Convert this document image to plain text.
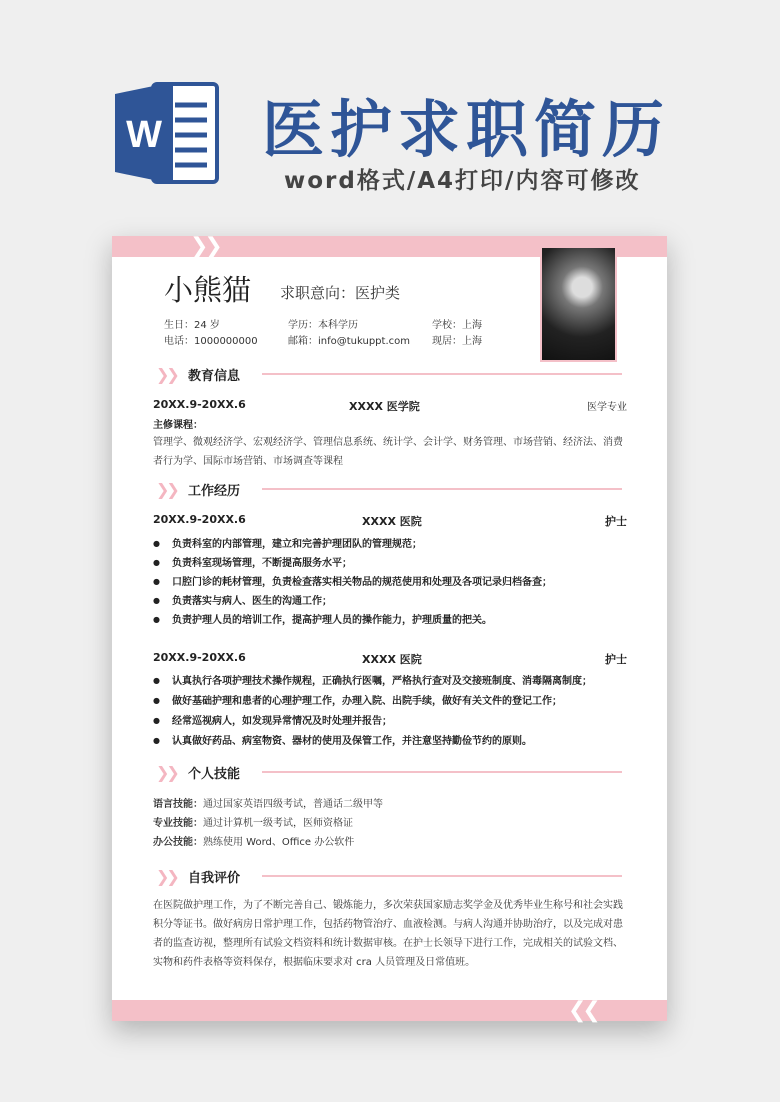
W 医护求职简历
word格式/A4打印/内容可修改
❯❯
小熊猫 求职意向：医护类
生日：24 岁	学历：本科学历	学校：上海
电话：1000000000	邮箱：info@tukuppt.com 现居：上海
❯❯ 教育信息
20XX.9-20XX.6	XXXX 医学院	医学专业
主修课程：
管理学、微观经济学、宏观经济学、管理信息系统、统计学、会计学、财务管理、市场营销、经济法、消费者行为学、国际市场营销、市场调查等课程
❯❯ 工作经历
20XX.9-20XX.6	XXXX 医院	护士
● 负责科室的内部管理，建立和完善护理团队的管理规范；
● 负责科室现场管理，不断提高服务水平；
● 口腔门诊的耗材管理，负责检查落实相关物品的规范使用和处理及各项记录归档备查；
● 负责落实与病人、医生的沟通工作；
● 负责护理人员的培训工作，提高护理人员的操作能力，护理质量的把关。
20XX.9-20XX.6	XXXX 医院	护士
● 认真执行各项护理技术操作规程，正确执行医嘱，严格执行查对及交接班制度、消毒隔离制度；
● 做好基础护理和患者的心理护理工作，办理入院、出院手续，做好有关文件的登记工作；
● 经常巡视病人，如发现异常情况及时处理并报告；
● 认真做好药品、病室物资、器材的使用及保管工作，并注意坚持勤俭节约的原则。
❯❯ 个人技能
语言技能：通过国家英语四级考试，普通话二级甲等
专业技能：通过计算机一级考试，医师资格证
办公技能：熟练使用 Word、Office 办公软件
❯❯ 自我评价
在医院做护理工作，为了不断完善自己、锻炼能力，多次荣获国家励志奖学金及优秀毕业生称号和社会实践积分等证书。做好病房日常护理工作，包括药物管治疗、血液检测。与病人沟通并协助治疗，以及完成对患者的监查访视，整理所有试验文档资料和统计数据审核。在护士长领导下进行工作，完成相关的试验文档、实物和药件表格等资料保存，根据临床要求对 cra 人员管理及日常值班。
❮❮
